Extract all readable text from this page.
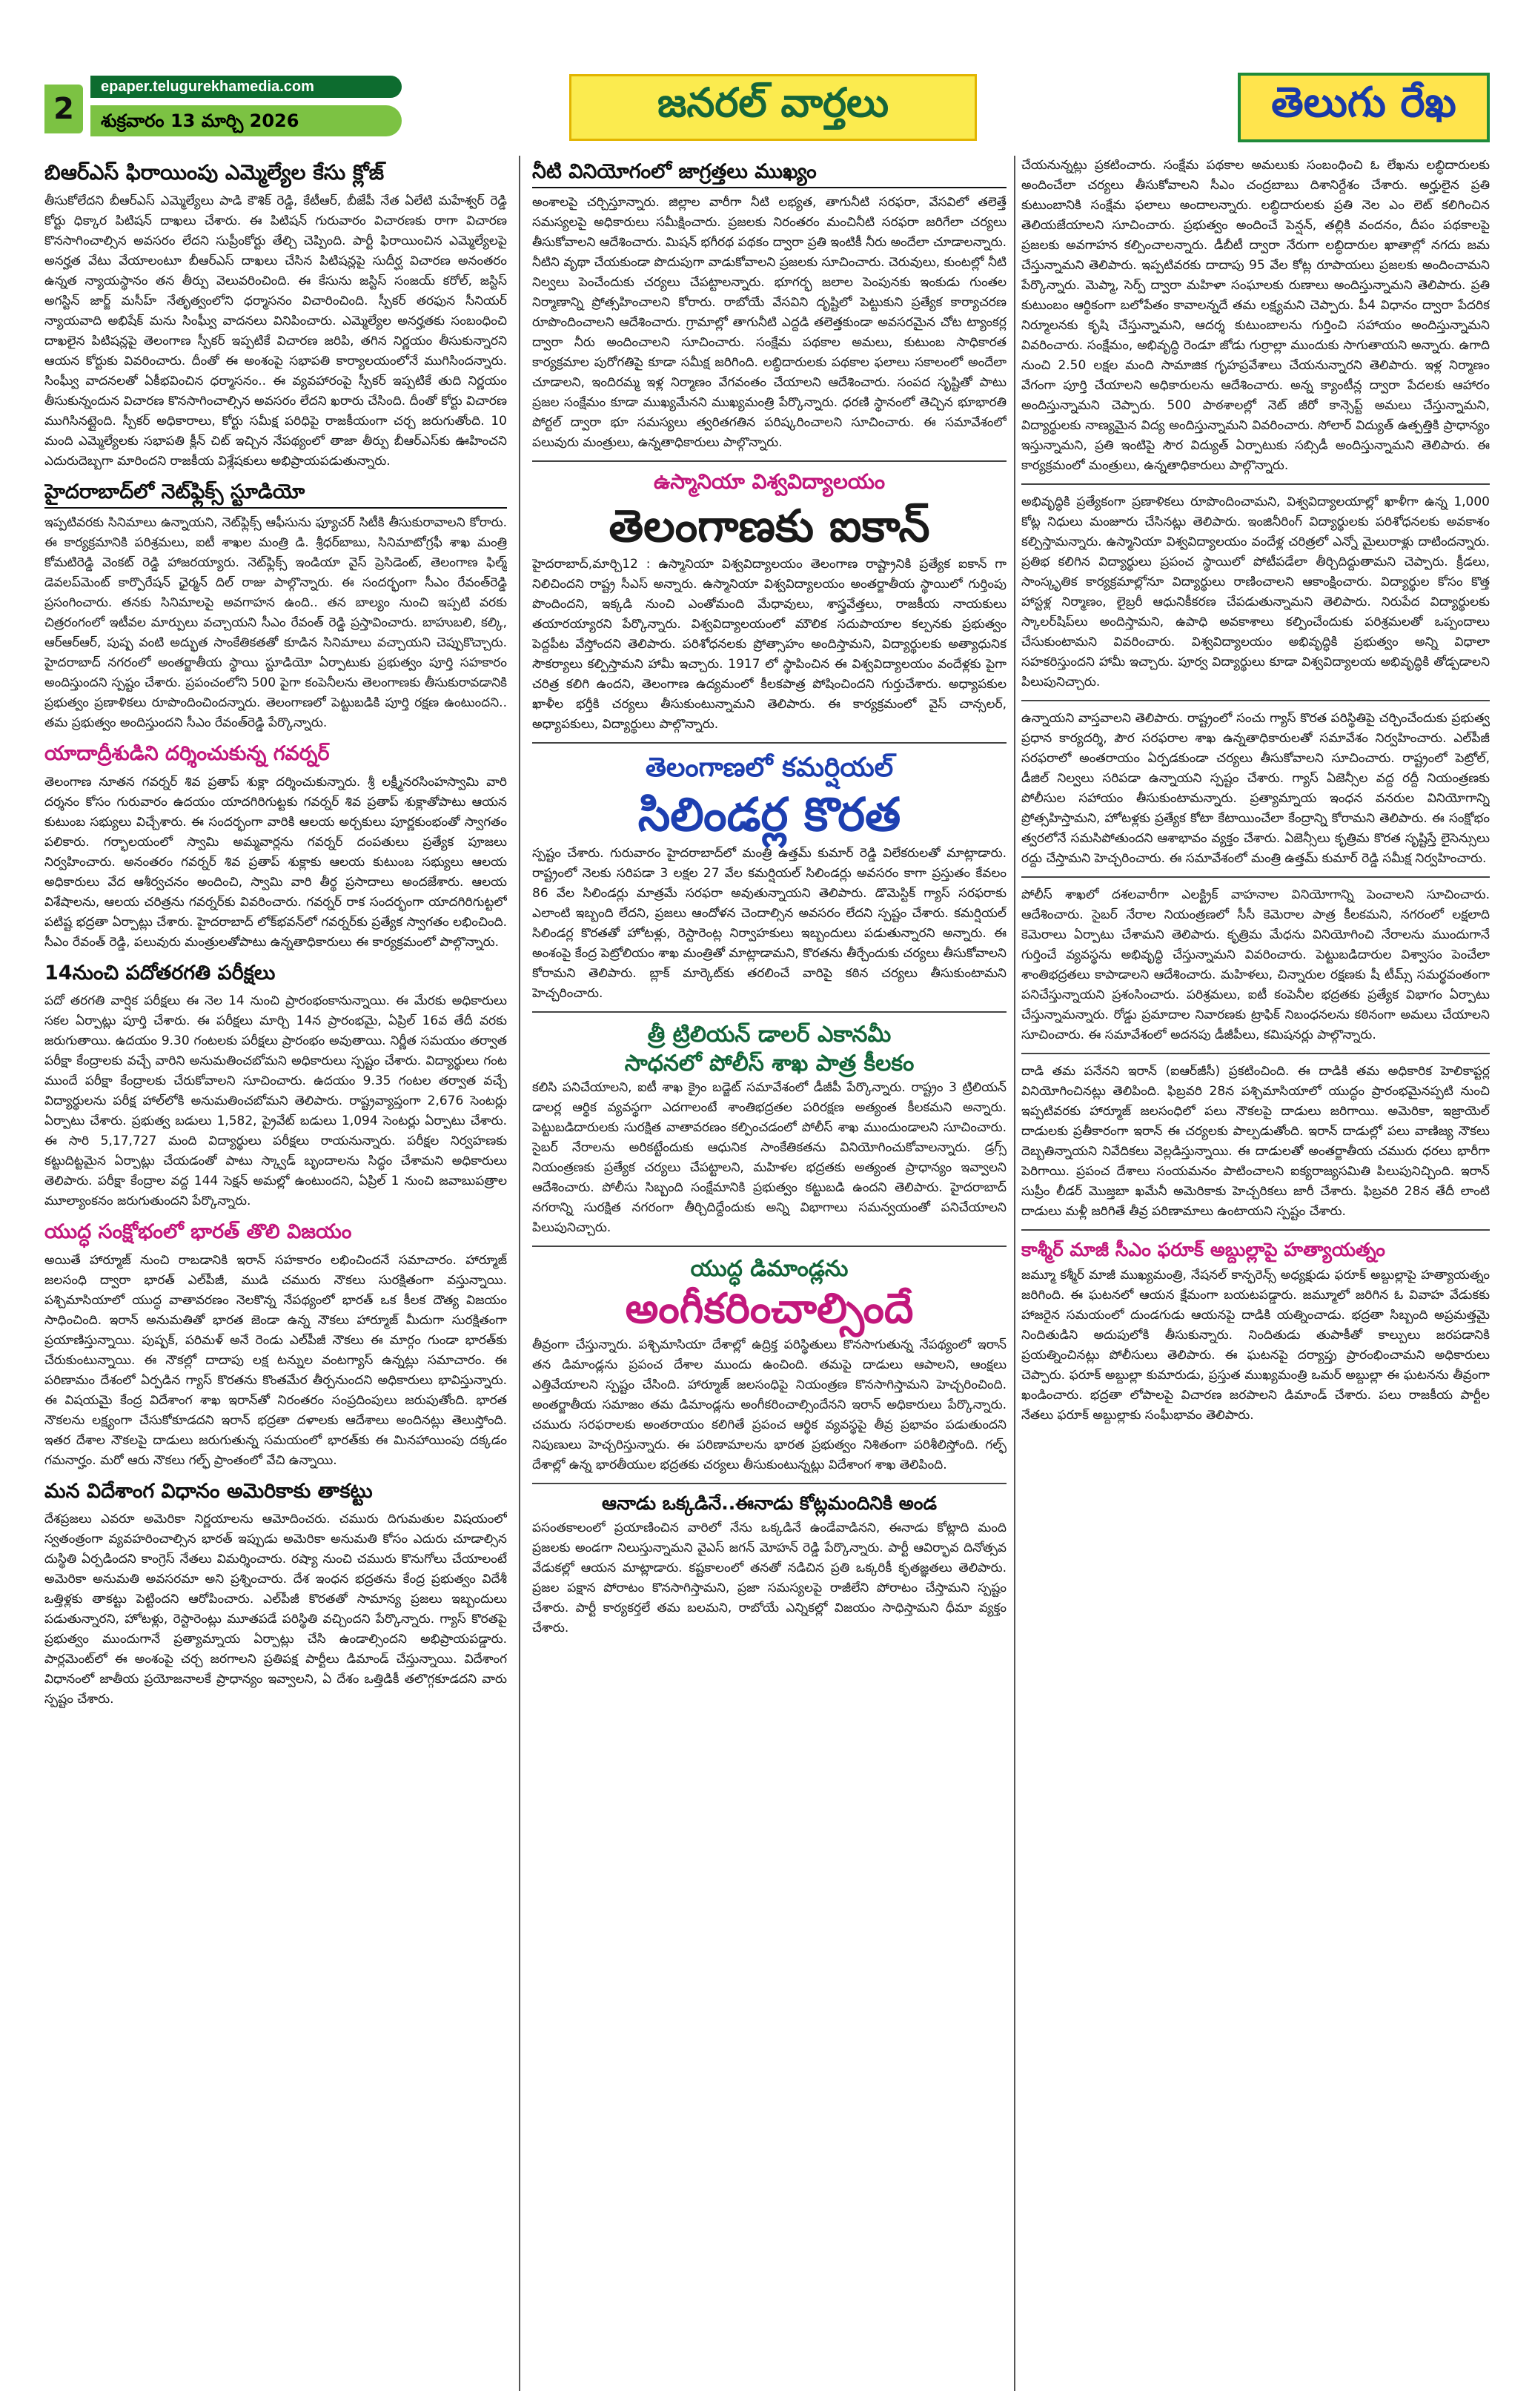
2
epaper.telugurekhamedia.com
శుక్రవారం 13 మార్చి 2026	జనరల్ వార్తలు	తెలుగు రేఖ
బిఆర్ఎస్ ఫిరాయింపు ఎమ్మెల్యేల కేసు క్లోజ్
తీసుకోలేదని బీఆర్ఎస్ ఎమ్మెల్యేలు పాడి కౌశిక్ రెడ్డి, కేటీఆర్, బీజేపీ నేత ఏలేటి మహేశ్వర్ రెడ్డి కోర్టు ధిక్కార పిటిషన్ దాఖలు చేశారు. ఈ పిటిషన్ గురువారం విచారణకు రాగా విచారణ కొనసాగించాల్సిన అవసరం లేదని సుప్రీంకోర్టు తేల్చి చెప్పింది. పార్టీ ఫిరాయించిన ఎమ్మెల్యేలపై అనర్హత వేటు వేయాలంటూ బీఆర్ఎస్ దాఖలు చేసిన పిటిషన్లపై సుదీర్ఘ విచారణ అనంతరం ఉన్నత న్యాయస్థానం తన తీర్పు వెలువరించింది. ఈ కేసును జస్టిస్ సంజయ్ కరోల్, జస్టిస్ అగస్టిన్ జార్జ్ మసీహ్ నేతృత్వంలోని ధర్మాసనం విచారించింది. స్పీకర్ తరఫున సీనియర్ న్యాయవాది అభిషేక్ మను సింఘ్వీ వాదనలు వినిపించారు. ఎమ్మెల్యేల అనర్హతకు సంబంధించి దాఖలైన పిటిషన్లపై తెలంగాణ స్పీకర్ ఇప్పటికే విచారణ జరిపి, తగిన నిర్ణయం తీసుకున్నారని ఆయన కోర్టుకు వివరించారు. దీంతో ఈ అంశంపై సభాపతి కార్యాలయంలోనే ముగిసిందన్నారు. సింఘ్వీ వాదనలతో ఏకీభవించిన ధర్మాసనం.. ఈ వ్యవహారంపై స్పీకర్ ఇప్పటికే తుది నిర్ణయం తీసుకున్నందున విచారణ కొనసాగించాల్సిన అవసరం లేదని ఖరారు చేసింది. దీంతో కోర్టు విచారణ ముగిసినట్లైంది. స్పీకర్ అధికారాలు, కోర్టు సమీక్ష పరిధిపై రాజకీయంగా చర్చ జరుగుతోంది. 10 మంది ఎమ్మెల్యేలకు సభాపతి క్లీన్ చిట్ ఇచ్చిన నేపథ్యంలో తాజా తీర్పు బీఆర్ఎస్‌కు ఊహించని ఎదురుదెబ్బగా మారిందని రాజకీయ విశ్లేషకులు అభిప్రాయపడుతున్నారు.
హైదరాబాద్‌లో నెట్‌ఫ్లిక్స్ స్టూడియో
ఇప్పటివరకు సినిమాలు ఉన్నాయని, నెట్‌ఫ్లిక్స్ ఆఫీసును ఫ్యూచర్ సిటీకి తీసుకురావాలని కోరారు. ఈ కార్యక్రమానికి పరిశ్రమలు, ఐటీ శాఖల మంత్రి డి. శ్రీధర్‌బాబు, సినిమాటోగ్రఫీ శాఖ మంత్రి కోమటిరెడ్డి వెంకట్ రెడ్డి హాజరయ్యారు. నెట్‌ఫ్లిక్స్ ఇండియా వైస్ ప్రెసిడెంట్, తెలంగాణ ఫిల్మ్ డెవలప్‌మెంట్ కార్పొరేషన్ ఛైర్మన్ దిల్ రాజు పాల్గొన్నారు. ఈ సందర్భంగా సీఎం రేవంత్‌రెడ్డి ప్రసంగించారు. తనకు సినిమాలపై అవగాహన ఉంది.. తన బాల్యం నుంచి ఇప్పటి వరకు చిత్రరంగంలో ఇటీవల మార్పులు వచ్చాయని సీఎం రేవంత్ రెడ్డి ప్రస్తావించారు. బాహుబలి, కల్కి, ఆర్ఆర్ఆర్, పుష్ప వంటి అద్భుత సాంకేతికతతో కూడిన సినిమాలు వచ్చాయని చెప్పుకొచ్చారు. హైదరాబాద్ నగరంలో అంతర్జాతీయ స్థాయి స్టూడియో ఏర్పాటుకు ప్రభుత్వం పూర్తి సహకారం అందిస్తుందని స్పష్టం చేశారు. ప్రపంచంలోని 500 పైగా కంపెనీలను తెలంగాణకు తీసుకురావడానికి ప్రభుత్వం ప్రణాళికలు రూపొందించిందన్నారు. తెలంగాణలో పెట్టుబడికి పూర్తి రక్షణ ఉంటుందని.. తమ ప్రభుత్వం అందిస్తుందని సీఎం రేవంత్‌రెడ్డి పేర్కొన్నారు.
యాదాద్రీశుడిని దర్శించుకున్న గవర్నర్
తెలంగాణ నూతన గవర్నర్ శివ ప్రతాప్ శుక్లా దర్శించుకున్నారు. శ్రీ లక్ష్మీనరసింహస్వామి వారి దర్శనం కోసం గురువారం ఉదయం యాదగిరిగుట్టకు గవర్నర్ శివ ప్రతాప్ శుక్లాతోపాటు ఆయన కుటుంబ సభ్యులు విచ్చేశారు. ఈ సందర్భంగా వారికి ఆలయ అర్చకులు పూర్ణకుంభంతో స్వాగతం పలికారు. గర్భాలయంలో స్వామి అమ్మవార్లను గవర్నర్ దంపతులు ప్రత్యేక పూజలు నిర్వహించారు. అనంతరం గవర్నర్ శివ ప్రతాప్ శుక్లాకు ఆలయ కుటుంబ సభ్యులు ఆలయ అధికారులు వేద ఆశీర్వచనం అందించి, స్వామి వారి తీర్థ ప్రసాదాలు అందజేశారు. ఆలయ విశేషాలను, ఆలయ చరిత్రను గవర్నర్‌కు వివరించారు. గవర్నర్ రాక సందర్భంగా యాదగిరిగుట్టలో పటిష్ట భద్రతా ఏర్పాట్లు చేశారు. హైదరాబాద్ లోక్‌భవన్‌లో గవర్నర్‌కు ప్రత్యేక స్వాగతం లభించింది. సీఎం రేవంత్ రెడ్డి, పలువురు మంత్రులతోపాటు ఉన్నతాధికారులు ఈ కార్యక్రమంలో పాల్గొన్నారు.
14నుంచి పదోతరగతి పరీక్షలు
పదో తరగతి వార్షిక పరీక్షలు ఈ నెల 14 నుంచి ప్రారంభంకానున్నాయి. ఈ మేరకు అధికారులు సకల ఏర్పాట్లు పూర్తి చేశారు. ఈ పరీక్షలు మార్చి 14న ప్రారంభమై, ఏప్రిల్ 16వ తేదీ వరకు జరుగుతాయి. ఉదయం 9.30 గంటలకు పరీక్షలు ప్రారంభం అవుతాయి. నిర్ణీత సమయం తర్వాత పరీక్షా కేంద్రాలకు వచ్చే వారిని అనుమతించబోమని అధికారులు స్పష్టం చేశారు. విద్యార్థులు గంట ముందే పరీక్షా కేంద్రాలకు చేరుకోవాలని సూచించారు. ఉదయం 9.35 గంటల తర్వాత వచ్చే విద్యార్థులను పరీక్ష హాల్‌లోకి అనుమతించబోమని తెలిపారు. రాష్ట్రవ్యాప్తంగా 2,676 సెంటర్లు ఏర్పాటు చేశారు. ప్రభుత్వ బడులు 1,582, ప్రైవేట్ బడులు 1,094 సెంటర్లు ఏర్పాటు చేశారు. ఈ సారి 5,17,727 మంది విద్యార్థులు పరీక్షలు రాయనున్నారు. పరీక్షల నిర్వహణకు కట్టుదిట్టమైన ఏర్పాట్లు చేయడంతో పాటు స్క్వాడ్ బృందాలను సిద్ధం చేశామని అధికారులు తెలిపారు. పరీక్షా కేంద్రాల వద్ద 144 సెక్షన్ అమల్లో ఉంటుందని, ఏప్రిల్ 1 నుంచి జవాబుపత్రాల మూల్యాంకనం జరుగుతుందని పేర్కొన్నారు.
యుద్ధ సంక్షోభంలో భారత్ తొలి విజయం
అయితే హార్మూజ్ నుంచి రాబడానికి ఇరాన్ సహకారం లభించిందనే సమాచారం. హార్మూజ్ జలసంధి ద్వారా భారత్ ఎల్‌పీజీ, ముడి చమురు నౌకలు సురక్షితంగా వస్తున్నాయి. పశ్చిమాసియాలో యుద్ధ వాతావరణం నెలకొన్న నేపథ్యంలో భారత్ ఒక కీలక దౌత్య విజయం సాధించింది. ఇరాన్ అనుమతితో భారత జెండా ఉన్న నౌకలు హార్మూజ్ మీదుగా సురక్షితంగా ప్రయాణిస్తున్నాయి. పుష్పక్, పరిమళ్ అనే రెండు ఎల్‌పీజీ నౌకలు ఈ మార్గం గుండా భారత్‌కు చేరుకుంటున్నాయి. ఈ నౌకల్లో దాదాపు లక్ష టన్నుల వంటగ్యాస్ ఉన్నట్లు సమాచారం. ఈ పరిణామం దేశంలో ఏర్పడిన గ్యాస్ కొరతను కొంతమేర తీర్చనుందని అధికారులు భావిస్తున్నారు. ఈ విషయమై కేంద్ర విదేశాంగ శాఖ ఇరాన్‌తో నిరంతరం సంప్రదింపులు జరుపుతోంది. భారత నౌకలను లక్ష్యంగా చేసుకోకూడదని ఇరాన్ భద్రతా దళాలకు ఆదేశాలు అందినట్లు తెలుస్తోంది. ఇతర దేశాల నౌకలపై దాడులు జరుగుతున్న సమయంలో భారత్‌కు ఈ మినహాయింపు దక్కడం గమనార్హం. మరో ఆరు నౌకలు గల్ఫ్ ప్రాంతంలో వేచి ఉన్నాయి.
మన విదేశాంగ విధానం అమెరికాకు తాకట్టు
దేశప్రజలు ఎవరూ అమెరికా నిర్ణయాలను ఆమోదించరు. చమురు దిగుమతుల విషయంలో స్వతంత్రంగా వ్యవహరించాల్సిన భారత్ ఇప్పుడు అమెరికా అనుమతి కోసం ఎదురు చూడాల్సిన దుస్థితి ఏర్పడిందని కాంగ్రెస్ నేతలు విమర్శించారు. రష్యా నుంచి చమురు కొనుగోలు చేయాలంటే అమెరికా అనుమతి అవసరమా అని ప్రశ్నించారు. దేశ ఇంధన భద్రతను కేంద్ర ప్రభుత్వం విదేశీ ఒత్తిళ్లకు తాకట్టు పెట్టిందని ఆరోపించారు. ఎల్‌పీజీ కొరతతో సామాన్య ప్రజలు ఇబ్బందులు పడుతున్నారని, హోటళ్లు, రెస్టారెంట్లు మూతపడే పరిస్థితి వచ్చిందని పేర్కొన్నారు. గ్యాస్ కొరతపై ప్రభుత్వం ముందుగానే ప్రత్యామ్నాయ ఏర్పాట్లు చేసి ఉండాల్సిందని అభిప్రాయపడ్డారు. పార్లమెంట్‌లో ఈ అంశంపై చర్చ జరగాలని ప్రతిపక్ష పార్టీలు డిమాండ్ చేస్తున్నాయి. విదేశాంగ విధానంలో జాతీయ ప్రయోజనాలకే ప్రాధాన్యం ఇవ్వాలని, ఏ దేశం ఒత్తిడికీ తలొగ్గకూడదని వారు స్పష్టం చేశారు.
నీటి వినియోగంలో జాగ్రత్తలు ముఖ్యం
అంశాలపై చర్చిస్తూన్నారు. జిల్లాల వారీగా నీటి లభ్యత, తాగునీటి సరఫరా, వేసవిలో తలెత్తే సమస్యలపై అధికారులు సమీక్షించారు. ప్రజలకు నిరంతరం మంచినీటి సరఫరా జరిగేలా చర్యలు తీసుకోవాలని ఆదేశించారు. మిషన్ భగీరథ పథకం ద్వారా ప్రతి ఇంటికీ నీరు అందేలా చూడాలన్నారు. నీటిని వృథా చేయకుండా పొదుపుగా వాడుకోవాలని ప్రజలకు సూచించారు. చెరువులు, కుంటల్లో నీటి నిల్వలు పెంచేందుకు చర్యలు చేపట్టాలన్నారు. భూగర్భ జలాల పెంపునకు ఇంకుడు గుంతల నిర్మాణాన్ని ప్రోత్సహించాలని కోరారు. రాబోయే వేసవిని దృష్టిలో పెట్టుకుని ప్రత్యేక కార్యాచరణ రూపొందించాలని ఆదేశించారు. గ్రామాల్లో తాగునీటి ఎద్దడి తలెత్తకుండా అవసరమైన చోట ట్యాంకర్ల ద్వారా నీరు అందించాలని సూచించారు. సంక్షేమ పథకాల అమలు, కుటుంబ సాధికారత కార్యక్రమాల పురోగతిపై కూడా సమీక్ష జరిగింది. లబ్ధిదారులకు పథకాల ఫలాలు సకాలంలో అందేలా చూడాలని, ఇందిరమ్మ ఇళ్ల నిర్మాణం వేగవంతం చేయాలని ఆదేశించారు. సంపద సృష్టితో పాటు ప్రజల సంక్షేమం కూడా ముఖ్యమేనని ముఖ్యమంత్రి పేర్కొన్నారు. ధరణి స్థానంలో తెచ్చిన భూభారతి పోర్టల్ ద్వారా భూ సమస్యలు త్వరితగతిన పరిష్కరించాలని సూచించారు. ఈ సమావేశంలో పలువురు మంత్రులు, ఉన్నతాధికారులు పాల్గొన్నారు.
ఉస్మానియా విశ్వవిద్యాలయం
తెలంగాణకు ఐకాన్
హైదరాబాద్,మార్చి12 : ఉస్మానియా విశ్వవిద్యాలయం తెలంగాణ రాష్ట్రానికి ప్రత్యేక ఐకాన్ గా నిలిచిందని రాష్ట్ర సీఎస్ అన్నారు. ఉస్మానియా విశ్వవిద్యాలయం అంతర్జాతీయ స్థాయిలో గుర్తింపు పొందిందని, ఇక్కడి నుంచి ఎంతోమంది మేధావులు, శాస్త్రవేత్తలు, రాజకీయ నాయకులు తయారయ్యారని పేర్కొన్నారు. విశ్వవిద్యాలయంలో మౌలిక సదుపాయాల కల్పనకు ప్రభుత్వం పెద్దపీట వేస్తోందని తెలిపారు. పరిశోధనలకు ప్రోత్సాహం అందిస్తామని, విద్యార్థులకు అత్యాధునిక సౌకర్యాలు కల్పిస్తామని హామీ ఇచ్చారు. 1917 లో స్థాపించిన ఈ విశ్వవిద్యాలయం వందేళ్లకు పైగా చరిత్ర కలిగి ఉందని, తెలంగాణ ఉద్యమంలో కీలకపాత్ర పోషించిందని గుర్తుచేశారు. అధ్యాపకుల ఖాళీల భర్తీకి చర్యలు తీసుకుంటున్నామని తెలిపారు. ఈ కార్యక్రమంలో వైస్ చాన్సలర్, అధ్యాపకులు, విద్యార్థులు పాల్గొన్నారు.
తెలంగాణలో కమర్షియల్
సిలిండర్ల కొరత
స్పష్టం చేశారు. గురువారం హైదరాబాద్‌లో మంత్రి ఉత్తమ్ కుమార్ రెడ్డి విలేకరులతో మాట్లాడారు. రాష్ట్రంలో నెలకు సరిపడా 3 లక్షల 27 వేల కమర్షియల్ సిలిండర్లు అవసరం కాగా ప్రస్తుతం కేవలం 86 వేల సిలిండర్లు మాత్రమే సరఫరా అవుతున్నాయని తెలిపారు. డొమెస్టిక్ గ్యాస్ సరఫరాకు ఎలాంటి ఇబ్బంది లేదని, ప్రజలు ఆందోళన చెందాల్సిన అవసరం లేదని స్పష్టం చేశారు. కమర్షియల్ సిలిండర్ల కొరతతో హోటళ్లు, రెస్టారెంట్ల నిర్వాహకులు ఇబ్బందులు పడుతున్నారని అన్నారు. ఈ అంశంపై కేంద్ర పెట్రోలియం శాఖ మంత్రితో మాట్లాడామని, కొరతను తీర్చేందుకు చర్యలు తీసుకోవాలని కోరామని తెలిపారు. బ్లాక్ మార్కెట్‌కు తరలించే వారిపై కఠిన చర్యలు తీసుకుంటామని హెచ్చరించారు.
త్రీ ట్రిలియన్ డాలర్ ఎకానమీ
సాధనలో పోలీస్ శాఖ పాత్ర కీలకం
కలిసి పనిచేయాలని, ఐటీ శాఖ క్రైం బడ్జెట్ సమావేశంలో డీజీపీ పేర్కొన్నారు. రాష్ట్రం 3 ట్రిలియన్ డాలర్ల ఆర్థిక వ్యవస్థగా ఎదగాలంటే శాంతిభద్రతల పరిరక్షణ అత్యంత కీలకమని అన్నారు. పెట్టుబడిదారులకు సురక్షిత వాతావరణం కల్పించడంలో పోలీస్ శాఖ ముందుండాలని సూచించారు. సైబర్ నేరాలను అరికట్టేందుకు ఆధునిక సాంకేతికతను వినియోగించుకోవాలన్నారు. డ్రగ్స్ నియంత్రణకు ప్రత్యేక చర్యలు చేపట్టాలని, మహిళల భద్రతకు అత్యంత ప్రాధాన్యం ఇవ్వాలని ఆదేశించారు. పోలీసు సిబ్బంది సంక్షేమానికి ప్రభుత్వం కట్టుబడి ఉందని తెలిపారు. హైదరాబాద్ నగరాన్ని సురక్షిత నగరంగా తీర్చిదిద్దేందుకు అన్ని విభాగాలు సమన్వయంతో పనిచేయాలని పిలుపునిచ్చారు.
యుద్ధ డిమాండ్లను
అంగీకరించాల్సిందే
తీవ్రంగా చేస్తున్నారు. పశ్చిమాసియా దేశాల్లో ఉద్రిక్త పరిస్థితులు కొనసాగుతున్న నేపథ్యంలో ఇరాన్ తన డిమాండ్లను ప్రపంచ దేశాల ముందు ఉంచింది. తమపై దాడులు ఆపాలని, ఆంక్షలు ఎత్తివేయాలని స్పష్టం చేసింది. హార్మూజ్ జలసంధిపై నియంత్రణ కొనసాగిస్తామని హెచ్చరించింది. అంతర్జాతీయ సమాజం తమ డిమాండ్లను అంగీకరించాల్సిందేనని ఇరాన్ అధికారులు పేర్కొన్నారు. చమురు సరఫరాలకు అంతరాయం కలిగితే ప్రపంచ ఆర్థిక వ్యవస్థపై తీవ్ర ప్రభావం పడుతుందని నిపుణులు హెచ్చరిస్తున్నారు. ఈ పరిణామాలను భారత ప్రభుత్వం నిశితంగా పరిశీలిస్తోంది. గల్ఫ్ దేశాల్లో ఉన్న భారతీయుల భద్రతకు చర్యలు తీసుకుంటున్నట్లు విదేశాంగ శాఖ తెలిపింది.
ఆనాడు ఒక్కడినే..ఈనాడు కోట్లమందినికి అండ
పసంతకాలంలో ప్రయాణించిన వారిలో నేను ఒక్కడినే ఉండేవాడినని, ఈనాడు కోట్లాది మంది ప్రజలకు అండగా నిలుస్తున్నామని వైఎస్ జగన్ మోహన్ రెడ్డి పేర్కొన్నారు. పార్టీ ఆవిర్భావ దినోత్సవ వేడుకల్లో ఆయన మాట్లాడారు. కష్టకాలంలో తనతో నడిచిన ప్రతి ఒక్కరికీ కృతజ్ఞతలు తెలిపారు. ప్రజల పక్షాన పోరాటం కొనసాగిస్తామని, ప్రజా సమస్యలపై రాజీలేని పోరాటం చేస్తామని స్పష్టం చేశారు. పార్టీ కార్యకర్తలే తమ బలమని, రాబోయే ఎన్నికల్లో విజయం సాధిస్తామని ధీమా వ్యక్తం చేశారు.
చేయనున్నట్లు ప్రకటించారు. సంక్షేమ పథకాల అమలుకు సంబంధించి ఓ లేఖను లబ్ధిదారులకు అందించేలా చర్యలు తీసుకోవాలని సీఎం చంద్రబాబు దిశానిర్దేశం చేశారు. అర్హులైన ప్రతి కుటుంబానికి సంక్షేమ ఫలాలు అందాలన్నారు. లబ్ధిదారులకు ప్రతి నెల ఎం లెట్ కలిగించిన తెలియజేయాలని సూచించారు. ప్రభుత్వం అందించే పెన్షన్, తల్లికి వందనం, దీపం పథకాలపై ప్రజలకు అవగాహన కల్పించాలన్నారు. డీబీటీ ద్వారా నేరుగా లబ్ధిదారుల ఖాతాల్లో నగదు జమ చేస్తున్నామని తెలిపారు. ఇప్పటివరకు దాదాపు 95 వేల కోట్ల రూపాయలు ప్రజలకు అందించామని పేర్కొన్నారు. మెప్మా, సెర్ప్ ద్వారా మహిళా సంఘాలకు రుణాలు అందిస్తున్నామని తెలిపారు. ప్రతి కుటుంబం ఆర్థికంగా బలోపేతం కావాలన్నదే తమ లక్ష్యమని చెప్పారు. పీ4 విధానం ద్వారా పేదరిక నిర్మూలనకు కృషి చేస్తున్నామని, ఆదర్శ కుటుంబాలను గుర్తించి సహాయం అందిస్తున్నామని వివరించారు. సంక్షేమం, అభివృద్ధి రెండూ జోడు గుర్రాల్లా ముందుకు సాగుతాయని అన్నారు. ఉగాది నుంచి 2.50 లక్షల మంది సామాజిక గృహప్రవేశాలు చేయనున్నారని తెలిపారు. ఇళ్ల నిర్మాణం వేగంగా పూర్తి చేయాలని అధికారులను ఆదేశించారు. అన్న క్యాంటీన్ల ద్వారా పేదలకు ఆహారం అందిస్తున్నామని చెప్పారు. 500 పాఠశాలల్లో నెట్ జీరో కాన్సెప్ట్ అమలు చేస్తున్నామని, విద్యార్థులకు నాణ్యమైన విద్య అందిస్తున్నామని వివరించారు. సోలార్ విద్యుత్ ఉత్పత్తికి ప్రాధాన్యం ఇస్తున్నామని, ప్రతి ఇంటిపై సౌర విద్యుత్ ఏర్పాటుకు సబ్సిడీ అందిస్తున్నామని తెలిపారు. ఈ కార్యక్రమంలో మంత్రులు, ఉన్నతాధికారులు పాల్గొన్నారు.
అభివృద్ధికి ప్రత్యేకంగా ప్రణాళికలు రూపొందించామని, విశ్వవిద్యాలయాల్లో ఖాళీగా ఉన్న 1,000 కోట్ల నిధులు మంజూరు చేసినట్లు తెలిపారు. ఇంజినీరింగ్ విద్యార్థులకు పరిశోధనలకు అవకాశం కల్పిస్తామన్నారు. ఉస్మానియా విశ్వవిద్యాలయం వందేళ్ల చరిత్రలో ఎన్నో మైలురాళ్లు దాటిందన్నారు. ప్రతిభ కలిగిన విద్యార్థులు ప్రపంచ స్థాయిలో పోటీపడేలా తీర్చిదిద్దుతామని చెప్పారు. క్రీడలు, సాంస్కృతిక కార్యక్రమాల్లోనూ విద్యార్థులు రాణించాలని ఆకాంక్షించారు. విద్యార్థుల కోసం కొత్త హాస్టళ్ల నిర్మాణం, లైబ్రరీ ఆధునికీకరణ చేపడుతున్నామని తెలిపారు. నిరుపేద విద్యార్థులకు స్కాలర్‌షిప్‌లు అందిస్తామని, ఉపాధి అవకాశాలు కల్పించేందుకు పరిశ్రమలతో ఒప్పందాలు చేసుకుంటామని వివరించారు. విశ్వవిద్యాలయం అభివృద్ధికి ప్రభుత్వం అన్ని విధాలా సహకరిస్తుందని హామీ ఇచ్చారు. పూర్వ విద్యార్థులు కూడా విశ్వవిద్యాలయ అభివృద్ధికి తోడ్పడాలని పిలుపునిచ్చారు.
ఉన్నాయని వాస్తవాలని తెలిపారు. రాష్ట్రంలో సంచు గ్యాస్ కొరత పరిస్థితిపై చర్చించేందుకు ప్రభుత్వ ప్రధాన కార్యదర్శి, పౌర సరఫరాల శాఖ ఉన్నతాధికారులతో సమావేశం నిర్వహించారు. ఎల్‌పీజీ సరఫరాలో అంతరాయం ఏర్పడకుండా చర్యలు తీసుకోవాలని సూచించారు. రాష్ట్రంలో పెట్రోల్, డీజిల్ నిల్వలు సరిపడా ఉన్నాయని స్పష్టం చేశారు. గ్యాస్ ఏజెన్సీల వద్ద రద్దీ నియంత్రణకు పోలీసుల సహాయం తీసుకుంటామన్నారు. ప్రత్యామ్నాయ ఇంధన వనరుల వినియోగాన్ని ప్రోత్సహిస్తామని, హోటళ్లకు ప్రత్యేక కోటా కేటాయించేలా కేంద్రాన్ని కోరామని తెలిపారు. ఈ సంక్షోభం త్వరలోనే సమసిపోతుందని ఆశాభావం వ్యక్తం చేశారు. ఏజెన్సీలు కృత్రిమ కొరత సృష్టిస్తే లైసెన్సులు రద్దు చేస్తామని హెచ్చరించారు. ఈ సమావేశంలో మంత్రి ఉత్తమ్ కుమార్ రెడ్డి సమీక్ష నిర్వహించారు.
పోలీస్ శాఖలో దశలవారీగా ఎలక్ట్రిక్ వాహనాల వినియోగాన్ని పెంచాలని సూచించారు. ఆదేశించారు. సైబర్ నేరాల నియంత్రణలో సీసీ కెమెరాల పాత్ర కీలకమని, నగరంలో లక్షలాది కెమెరాలు ఏర్పాటు చేశామని తెలిపారు. కృత్రిమ మేధను వినియోగించి నేరాలను ముందుగానే గుర్తించే వ్యవస్థను అభివృద్ధి చేస్తున్నామని వివరించారు. పెట్టుబడిదారుల విశ్వాసం పెంచేలా శాంతిభద్రతలు కాపాడాలని ఆదేశించారు. మహిళలు, చిన్నారుల రక్షణకు షీ టీమ్స్ సమర్థవంతంగా పనిచేస్తున్నాయని ప్రశంసించారు. పరిశ్రమలు, ఐటీ కంపెనీల భద్రతకు ప్రత్యేక విభాగం ఏర్పాటు చేస్తున్నామన్నారు. రోడ్డు ప్రమాదాల నివారణకు ట్రాఫిక్ నిబంధనలను కఠినంగా అమలు చేయాలని సూచించారు. ఈ సమావేశంలో అదనపు డీజీపీలు, కమిషనర్లు పాల్గొన్నారు.
దాడి తమ పనేనని ఇరాన్ (ఐఆర్‌జీసీ) ప్రకటించింది. ఈ దాడికి తమ అధికారిక హెలికాప్టర్ల వినియోగించినట్లు తెలిపింది. ఫిబ్రవరి 28న పశ్చిమాసియాలో యుద్ధం ప్రారంభమైనప్పటి నుంచి ఇప్పటివరకు హార్మూజ్ జలసంధిలో పలు నౌకలపై దాడులు జరిగాయి. అమెరికా, ఇజ్రాయెల్ దాడులకు ప్రతీకారంగా ఇరాన్ ఈ చర్యలకు పాల్పడుతోంది. ఇరాన్ దాడుల్లో పలు వాణిజ్య నౌకలు దెబ్బతిన్నాయని నివేదికలు వెల్లడిస్తున్నాయి. ఈ దాడులతో అంతర్జాతీయ చమురు ధరలు భారీగా పెరిగాయి. ప్రపంచ దేశాలు సంయమనం పాటించాలని ఐక్యరాజ్యసమితి పిలుపునిచ్చింది. ఇరాన్ సుప్రీం లీడర్ మొజ్తబా ఖమేనీ అమెరికాకు హెచ్చరికలు జారీ చేశారు. ఫిబ్రవరి 28న తేదీ లాంటి దాడులు మళ్లీ జరిగితే తీవ్ర పరిణామాలు ఉంటాయని స్పష్టం చేశారు.
కాశ్మీర్ మాజీ సీఎం ఫరూక్ అబ్దుల్లాపై హత్యాయత్నం
జమ్మూ కశ్మీర్ మాజీ ముఖ్యమంత్రి, నేషనల్ కాన్ఫరెన్స్ అధ్యక్షుడు ఫరూక్ అబ్దుల్లాపై హత్యాయత్నం జరిగింది. ఈ ఘటనలో ఆయన క్షేమంగా బయటపడ్డారు. జమ్మూలో జరిగిన ఓ వివాహ వేడుకకు హాజరైన సమయంలో దుండగుడు ఆయనపై దాడికి యత్నించాడు. భద్రతా సిబ్బంది అప్రమత్తమై నిందితుడిని అదుపులోకి తీసుకున్నారు. నిందితుడు తుపాకీతో కాల్పులు జరపడానికి ప్రయత్నించినట్లు పోలీసులు తెలిపారు. ఈ ఘటనపై దర్యాప్తు ప్రారంభించామని అధికారులు చెప్పారు. ఫరూక్ అబ్దుల్లా కుమారుడు, ప్రస్తుత ముఖ్యమంత్రి ఒమర్ అబ్దుల్లా ఈ ఘటనను తీవ్రంగా ఖండించారు. భద్రతా లోపాలపై విచారణ జరపాలని డిమాండ్ చేశారు. పలు రాజకీయ పార్టీల నేతలు ఫరూక్ అబ్దుల్లాకు సంఘీభావం తెలిపారు.
